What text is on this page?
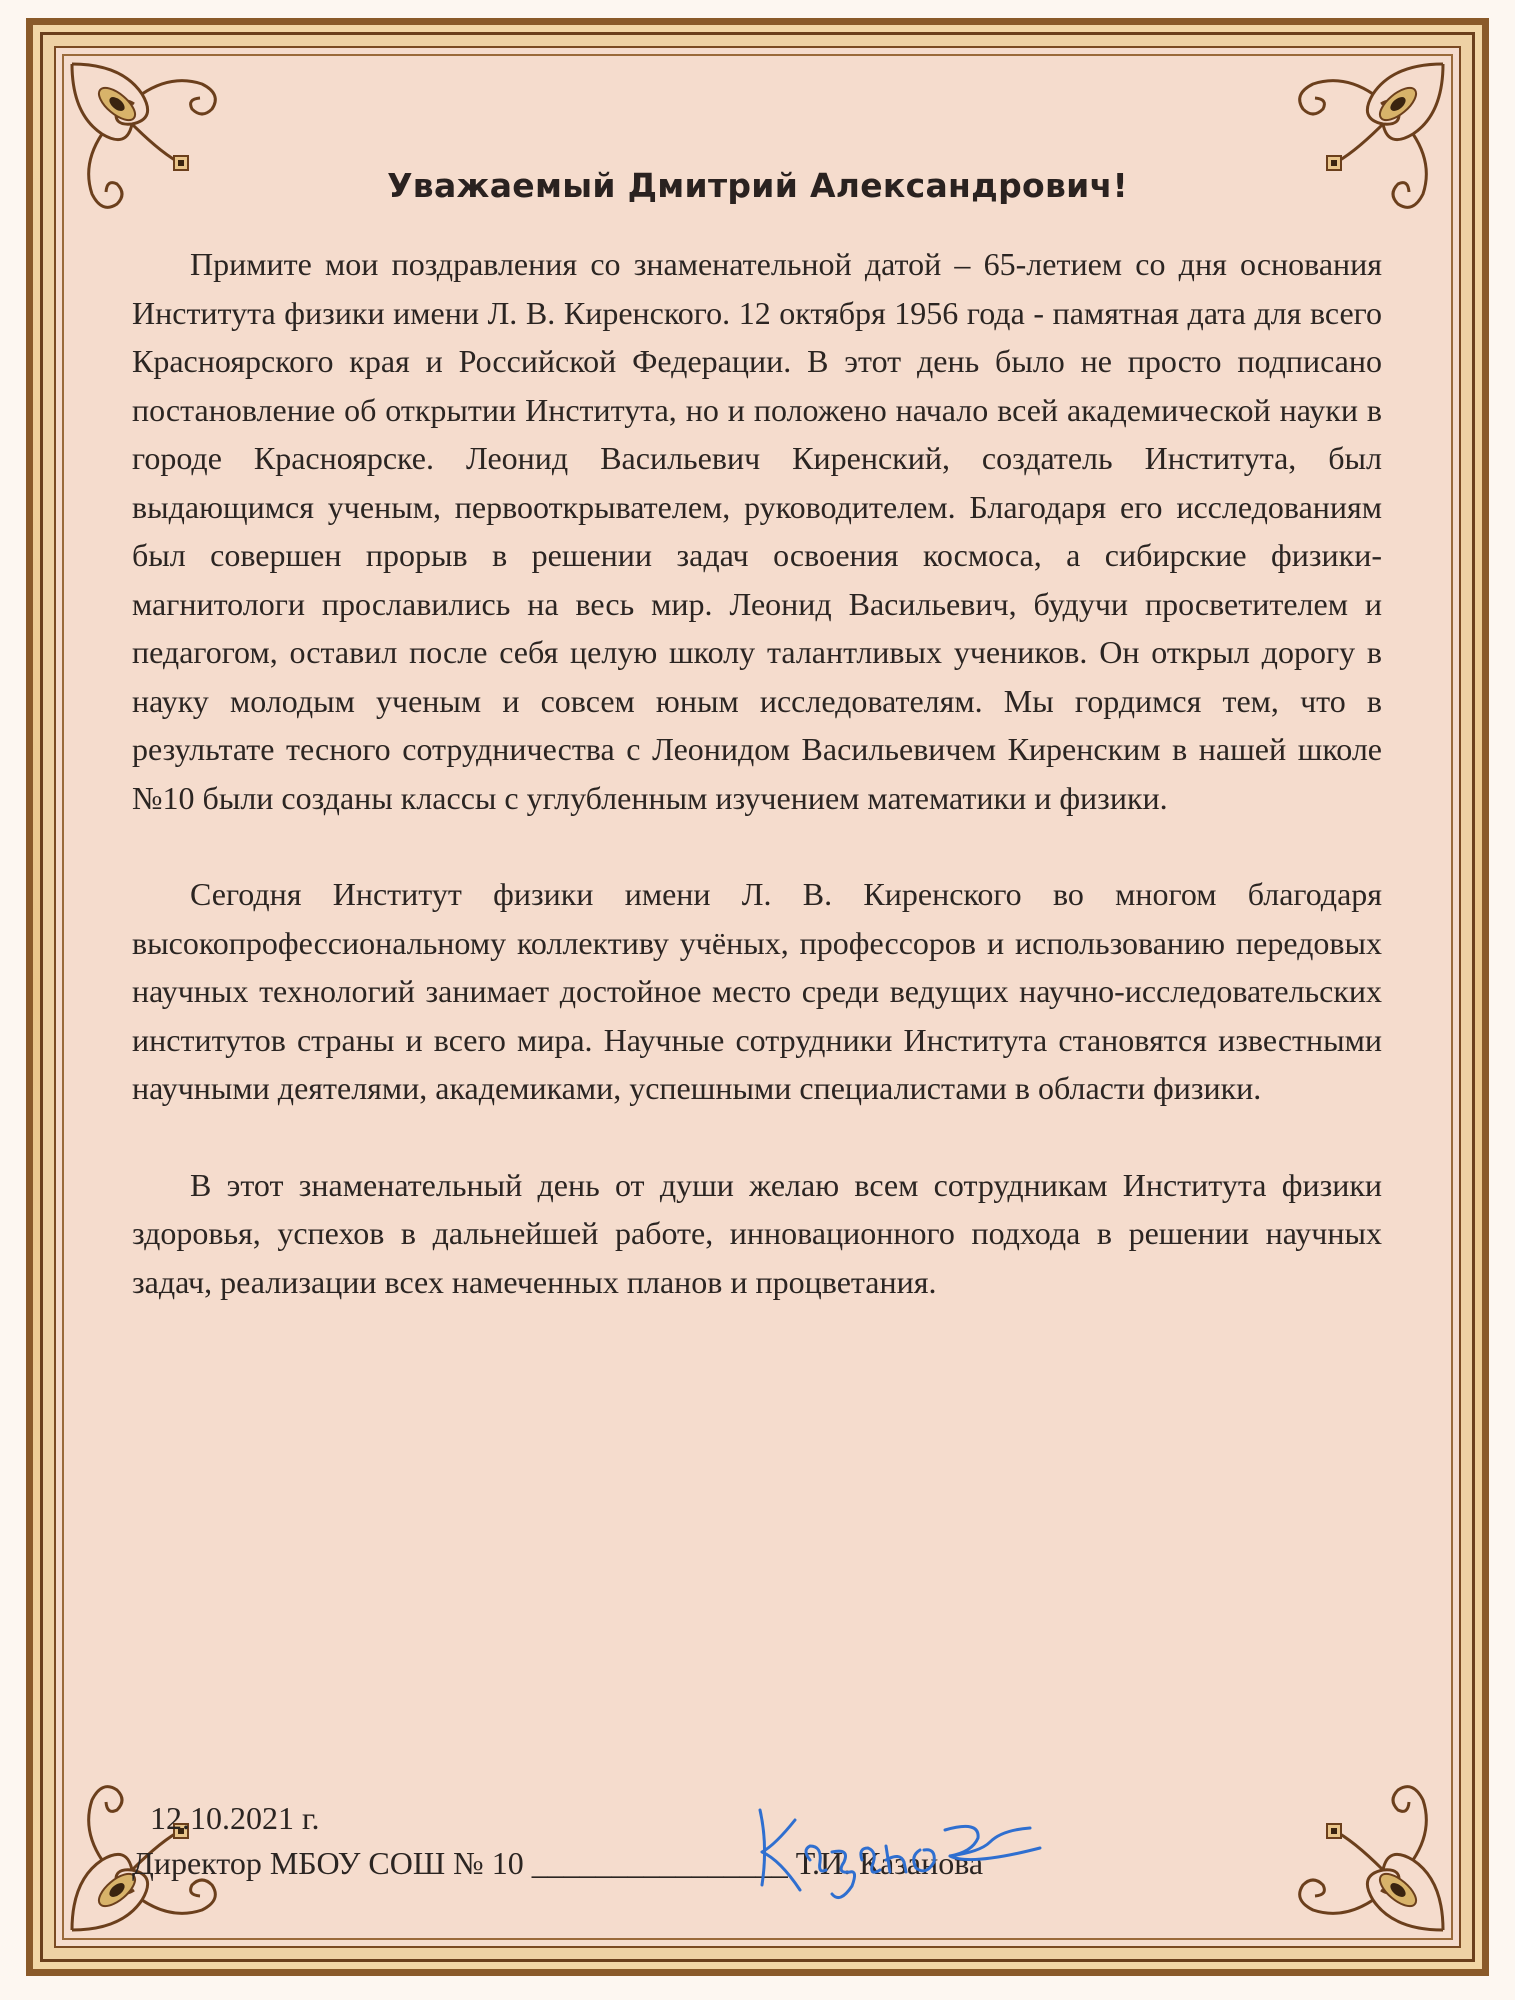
Уважаемый Дмитрий Александрович!

Примите мои поздравления со знаменательной датой – 65-летием со дня основания Института физики имени Л. В. Киренского. 12 октября 1956 года - памятная дата для всего Красноярского края и Российской Федерации. В этот день было не просто подписано постановление об открытии Института, но и положено начало всей академической науки в городе Красноярске. Леонид Васильевич Киренский, создатель Института, был выдающимся ученым, первооткрывателем, руководителем. Благодаря его исследованиям был совершен прорыв в решении задач освоения космоса, а сибирские физики-магнитологи прославились на весь мир. Леонид Васильевич, будучи просветителем и педагогом, оставил после себя целую школу талантливых учеников. Он открыл дорогу в науку молодым ученым и совсем юным исследователям. Мы гордимся тем, что в результате тесного сотрудничества с Леонидом Васильевичем Киренским в нашей школе №10 были созданы классы с углубленным изучением математики и физики.

Сегодня Институт физики имени Л. В. Киренского во многом благодаря высокопрофессиональному коллективу учёных, профессоров и использованию передовых научных технологий занимает достойное место среди ведущих научно-исследовательских институтов страны и всего мира. Научные сотрудники Института становятся известными научными деятелями, академиками, успешными специалистами в области физики.

В этот знаменательный день от души желаю всем сотрудникам Института физики здоровья, успехов в дальнейшей работе, инновационного подхода в решении научных задач, реализации всех намеченных планов и процветания.

12.10.2021 г.
Директор МБОУ СОШ № 10 ________________ Т.И. Казанова
